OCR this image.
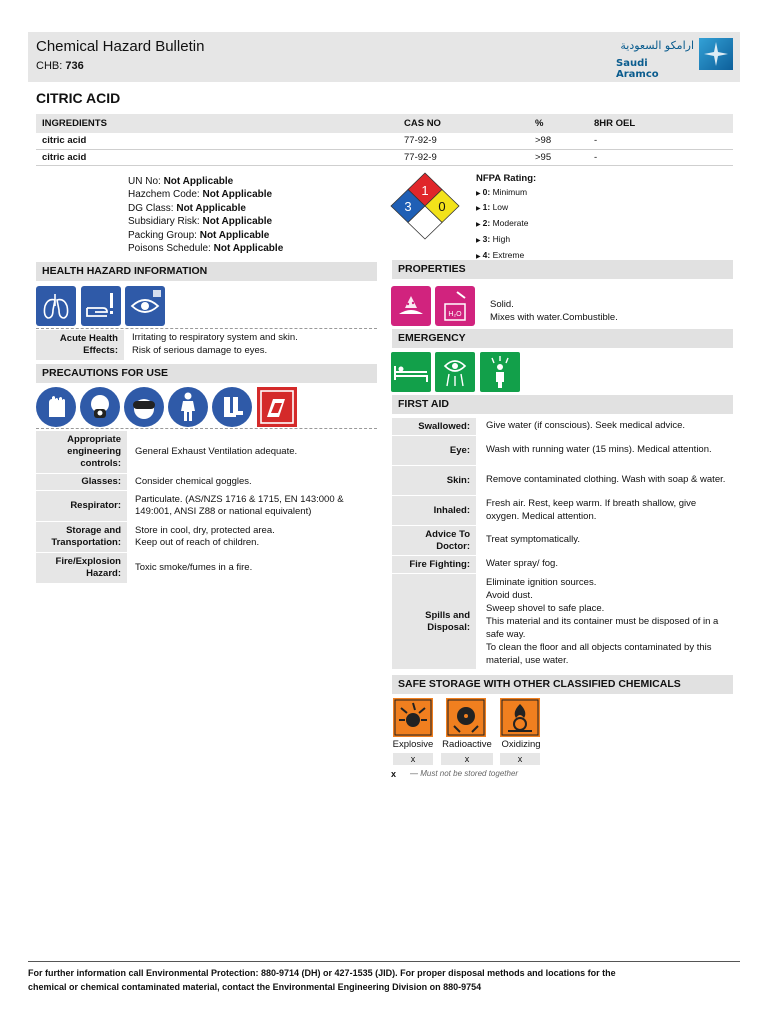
Chemical Hazard Bulletin
CHB: 736
ارامكو السعودية
Saudi Aramco
CITRIC ACID
INGREDIENTS	CAS NO	%	8HR OEL
citric acid	77-92-9	>98	-
citric acid	77-92-9	>95	-
UN No: Not Applicable
Hazchem Code: Not Applicable
DG Class: Not Applicable
Subsidiary Risk: Not Applicable
Packing Group: Not Applicable
Poisons Schedule: Not Applicable
1
3 0
NFPA Rating:
▶ 0: Minimum
▶ 1: Low
▶ 2: Moderate
▶ 3: High
▶ 4: Extreme
HEALTH HAZARD INFORMATION
Acute Health Effects:
Irritating to respiratory system and skin.
Risk of serious damage to eyes.
PRECAUTIONS FOR USE
Appropriate engineering controls:
General Exhaust Ventilation adequate.
Glasses:	Consider chemical goggles.
Respirator:
Particulate. (AS/NZS 1716 & 1715, EN 143:000 & 149:001, ANSI Z88 or national equivalent)
Storage and Transportation:
Store in cool, dry, protected area.
Keep out of reach of children.
Fire/Explosion Hazard:
Toxic smoke/fumes in a fire.
PROPERTIES
H₂O
Solid.
Mixes with water.Combustible.
EMERGENCY
FIRST AID
Swallowed:	Give water (if conscious). Seek medical advice.
Eye:	Wash with running water (15 mins). Medical attention.
Skin:	Remove contaminated clothing. Wash with soap & water.
Inhaled:
Fresh air. Rest, keep warm. If breath shallow, give oxygen. Medical attention.
Advice To Doctor:
Treat symptomatically.
Fire Fighting:	Water spray/ fog.
Spills and Disposal:
Eliminate ignition sources.
Avoid dust.
Sweep shovel to safe place.
This material and its container must be disposed of in a safe way.
To clean the floor and all objects contaminated by this material, use water.
SAFE STORAGE WITH OTHER CLASSIFIED CHEMICALS
Explosive Radioactive	Oxidizing
x	x	x
x — Must not be stored together
For further information call Environmental Protection: 880-9714 (DH) or 427-1535 (JID). For proper disposal methods and locations for the
chemical or chemical contaminated material, contact the Environmental Engineering Division on 880-9754
